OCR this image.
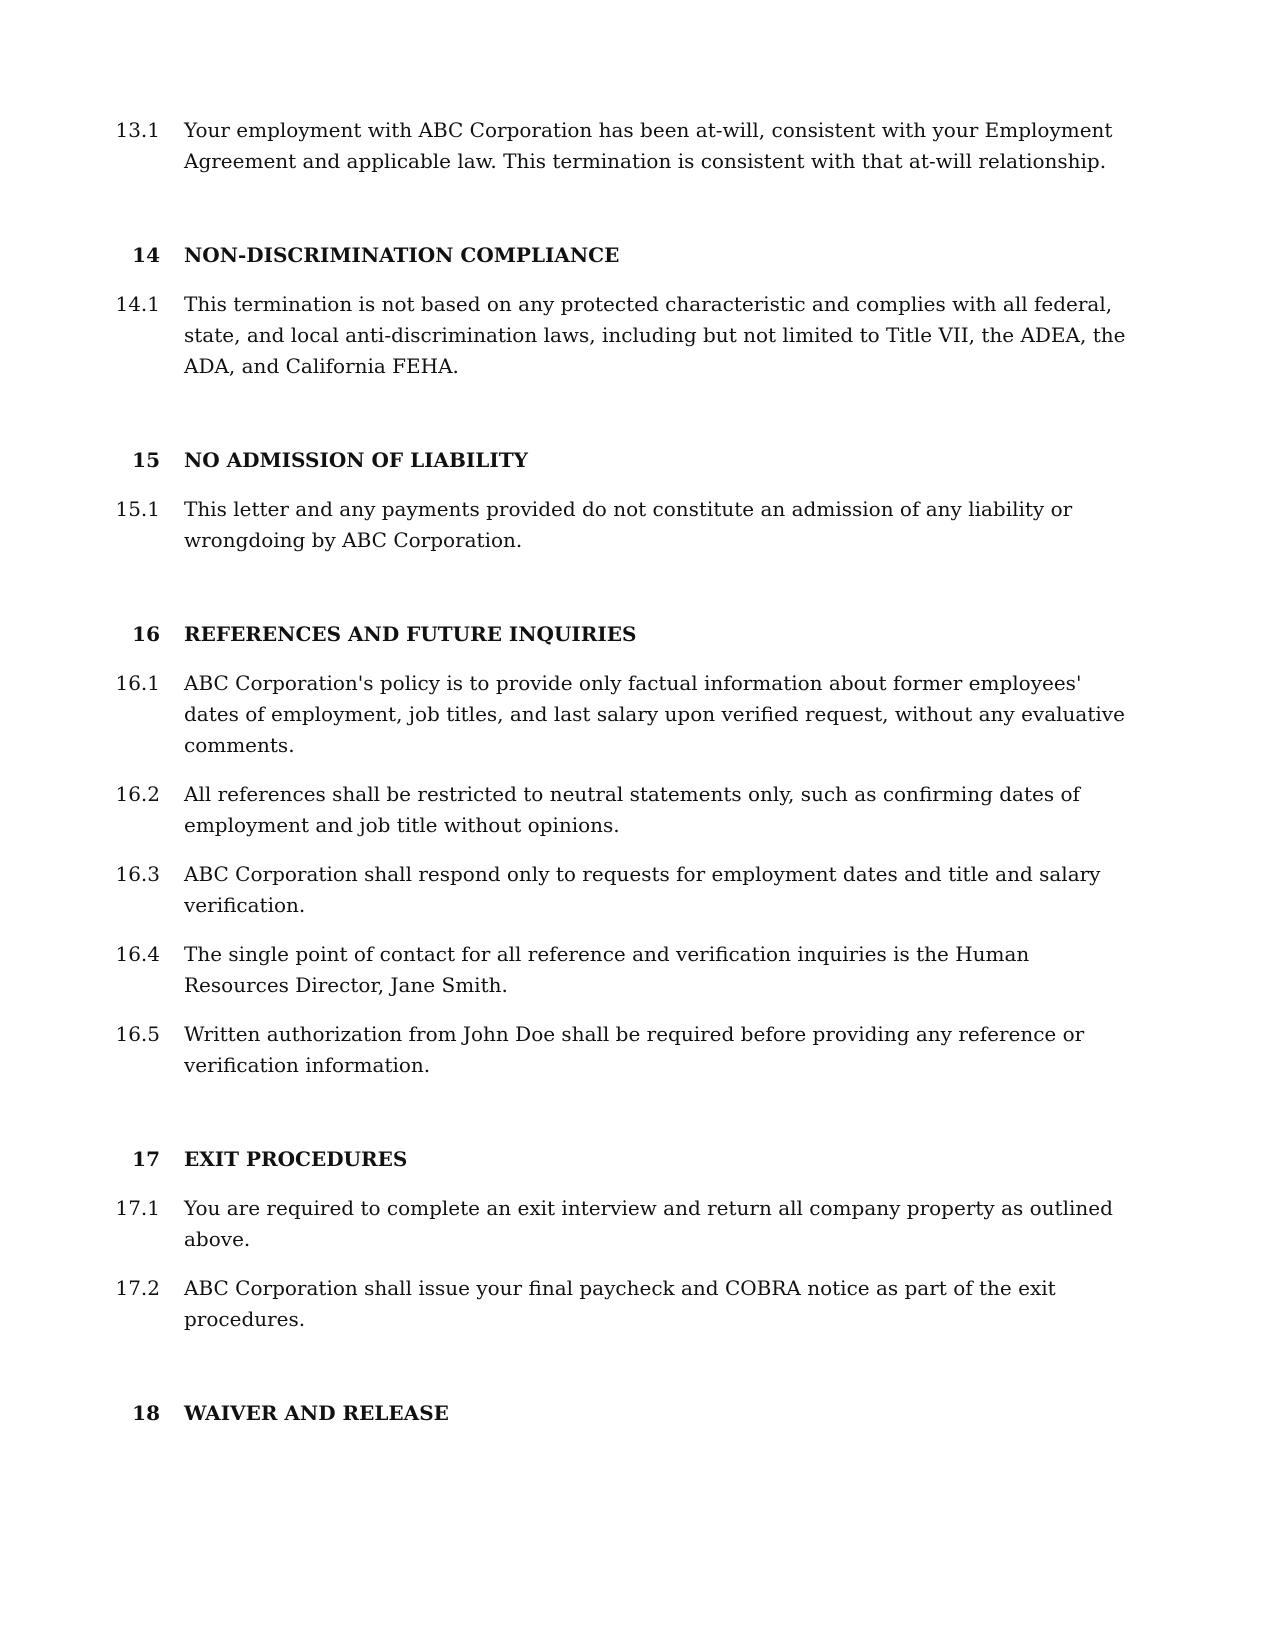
13.1	Your employment with ABC Corporation has been at-will, consistent with your Employment Agreement and applicable law. This termination is consistent with that at-will relationship.
14	NON-DISCRIMINATION COMPLIANCE
14.1	This termination is not based on any protected characteristic and complies with all federal, state, and local anti-discrimination laws, including but not limited to Title VII, the ADEA, the ADA, and California FEHA.
15	NO ADMISSION OF LIABILITY
15.1	This letter and any payments provided do not constitute an admission of any liability or wrongdoing by ABC Corporation.
16	REFERENCES AND FUTURE INQUIRIES
16.1	ABC Corporation's policy is to provide only factual information about former employees' dates of employment, job titles, and last salary upon verified request, without any evaluative comments.
16.2	All references shall be restricted to neutral statements only, such as confirming dates of employment and job title without opinions.
16.3	ABC Corporation shall respond only to requests for employment dates and title and salary verification.
16.4	The single point of contact for all reference and verification inquiries is the Human Resources Director, Jane Smith.
16.5	Written authorization from John Doe shall be required before providing any reference or verification information.
17	EXIT PROCEDURES
17.1	You are required to complete an exit interview and return all company property as outlined above.
17.2	ABC Corporation shall issue your final paycheck and COBRA notice as part of the exit procedures.
18	WAIVER AND RELEASE
